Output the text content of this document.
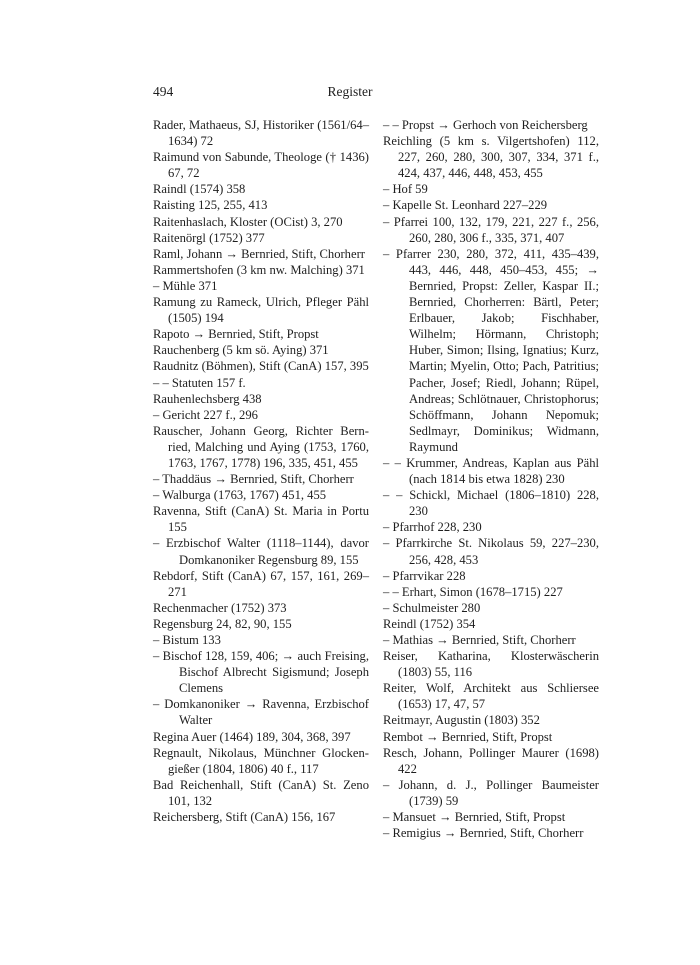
494	Register
Rader, Mathaeus, SJ, Historiker (1561/64–1634) 72
Raimund von Sabunde, Theologe († 1436) 67, 72
Raindl (1574) 358
Raisting 125, 255, 413
Raitenhaslach, Kloster (OCist) 3, 270
Raitenörgl (1752) 377
Raml, Johann → Bernried, Stift, Chorherr
Rammertshofen (3 km nw. Malching) 371
– Mühle 371
Ramung zu Rameck, Ulrich, Pfleger Pähl (1505) 194
Rapoto → Bernried, Stift, Propst
Rauchenberg (5 km sö. Aying) 371
Raudnitz (Böhmen), Stift (CanA) 157, 395
– – Statuten 157 f.
Rauhenlechsberg 438
– Gericht 227 f., 296
Rauscher, Johann Georg, Richter Bernried, Malching und Aying (1753, 1760, 1763, 1767, 1778) 196, 335, 451, 455
– Thaddäus → Bernried, Stift, Chorherr
– Walburga (1763, 1767) 451, 455
Ravenna, Stift (CanA) St. Maria in Portu 155
– Erzbischof Walter (1118–1144), davor Domkanoniker Regensburg 89, 155
Rebdorf, Stift (CanA) 67, 157, 161, 269–271
Rechenmacher (1752) 373
Regensburg 24, 82, 90, 155
– Bistum 133
– Bischof 128, 159, 406; → auch Freising, Bischof Albrecht Sigismund; Joseph Clemens
– Domkanoniker → Ravenna, Erzbischof Walter
Regina Auer (1464) 189, 304, 368, 397
Regnault, Nikolaus, Münchner Glockengießer (1804, 1806) 40 f., 117
Bad Reichenhall, Stift (CanA) St. Zeno 101, 132
Reichersberg, Stift (CanA) 156, 167
– – Propst → Gerhoch von Reichersberg
Reichling (5 km s. Vilgertshofen) 112, 227, 260, 280, 300, 307, 334, 371 f., 424, 437, 446, 448, 453, 455
– Hof 59
– Kapelle St. Leonhard 227–229
– Pfarrei 100, 132, 179, 221, 227 f., 256, 260, 280, 306 f., 335, 371, 407
– Pfarrer 230, 280, 372, 411, 435–439, 443, 446, 448, 450–453, 455; → Bernried, Propst: Zeller, Kaspar II.; Bernried, Chorherren: Bärtl, Peter; Erlbauer, Jakob; Fischhaber, Wilhelm; Hörmann, Christoph; Huber, Simon; Ilsing, Ignatius; Kurz, Martin; Myelin, Otto; Pach, Patritius; Pacher, Josef; Riedl, Johann; Rüpel, Andreas; Schlötnauer, Christophorus; Schöffmann, Johann Nepomuk; Sedlmayr, Dominikus; Widmann, Raymund
– – Krummer, Andreas, Kaplan aus Pähl (nach 1814 bis etwa 1828) 230
– – Schickl, Michael (1806–1810) 228, 230
– Pfarrhof 228, 230
– Pfarrkirche St. Nikolaus 59, 227–230, 256, 428, 453
– Pfarrvikar 228
– – Erhart, Simon (1678–1715) 227
– Schulmeister 280
Reindl (1752) 354
– Mathias → Bernried, Stift, Chorherr
Reiser, Katharina, Klosterwäscherin (1803) 55, 116
Reiter, Wolf, Architekt aus Schliersee (1653) 17, 47, 57
Reitmayr, Augustin (1803) 352
Rembot → Bernried, Stift, Propst
Resch, Johann, Pollinger Maurer (1698) 422
– Johann, d. J., Pollinger Baumeister (1739) 59
– Mansuet → Bernried, Stift, Propst
– Remigius → Bernried, Stift, Chorherr
